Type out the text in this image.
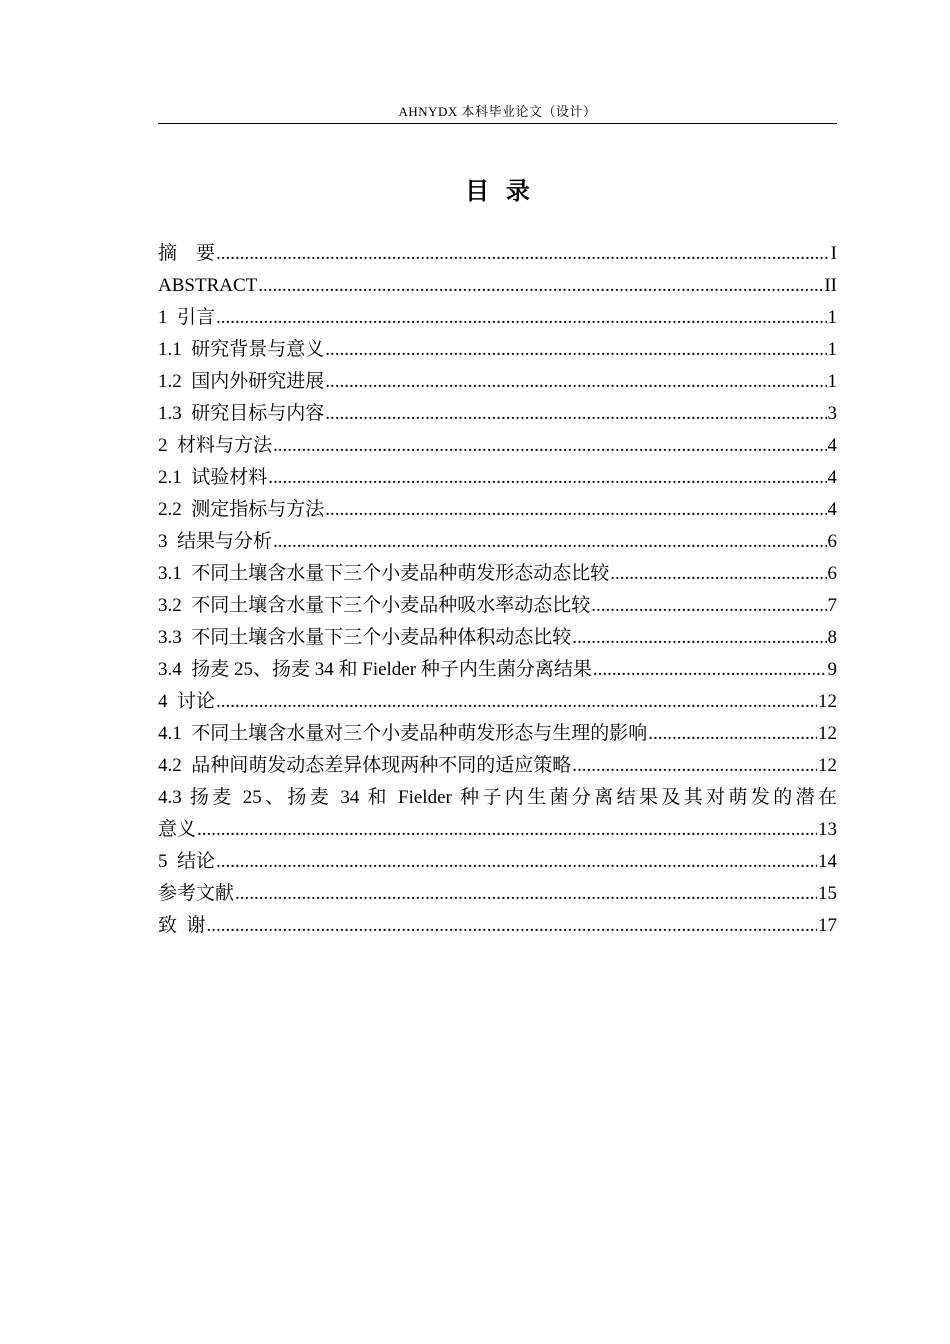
AHNYDX 本科毕业论文（设计）
目  录
摘    要 .....	I
ABSTRACT .....	II
1  引言 .....	1
1.1  研究背景与意义 .....	1
1.2  国内外研究进展 .....	1
1.3  研究目标与内容 .....	3
2  材料与方法 .....	4
2.1  试验材料 .....	4
2.2  测定指标与方法 .....	4
3  结果与分析 .....	6
3.1  不同土壤含水量下三个小麦品种萌发形态动态比较 .....	6
3.2  不同土壤含水量下三个小麦品种吸水率动态比较 .....	7
3.3  不同土壤含水量下三个小麦品种体积动态比较 .....	8
3.4  扬麦 25、扬麦 34 和 Fielder 种子内生菌分离结果 .....	9
4  讨论 .....	12
4.1  不同土壤含水量对三个小麦品种萌发形态与生理的影响 .....	12
4.2  品种间萌发动态差异体现两种不同的适应策略 .....	12
4.3 扬麦 25、扬麦 34 和 Fielder 种子内生菌分离结果及其对萌发的潜在
意义 .....	13
5  结论 .....	14
参考文献 .....	15
致  谢 .....	17
